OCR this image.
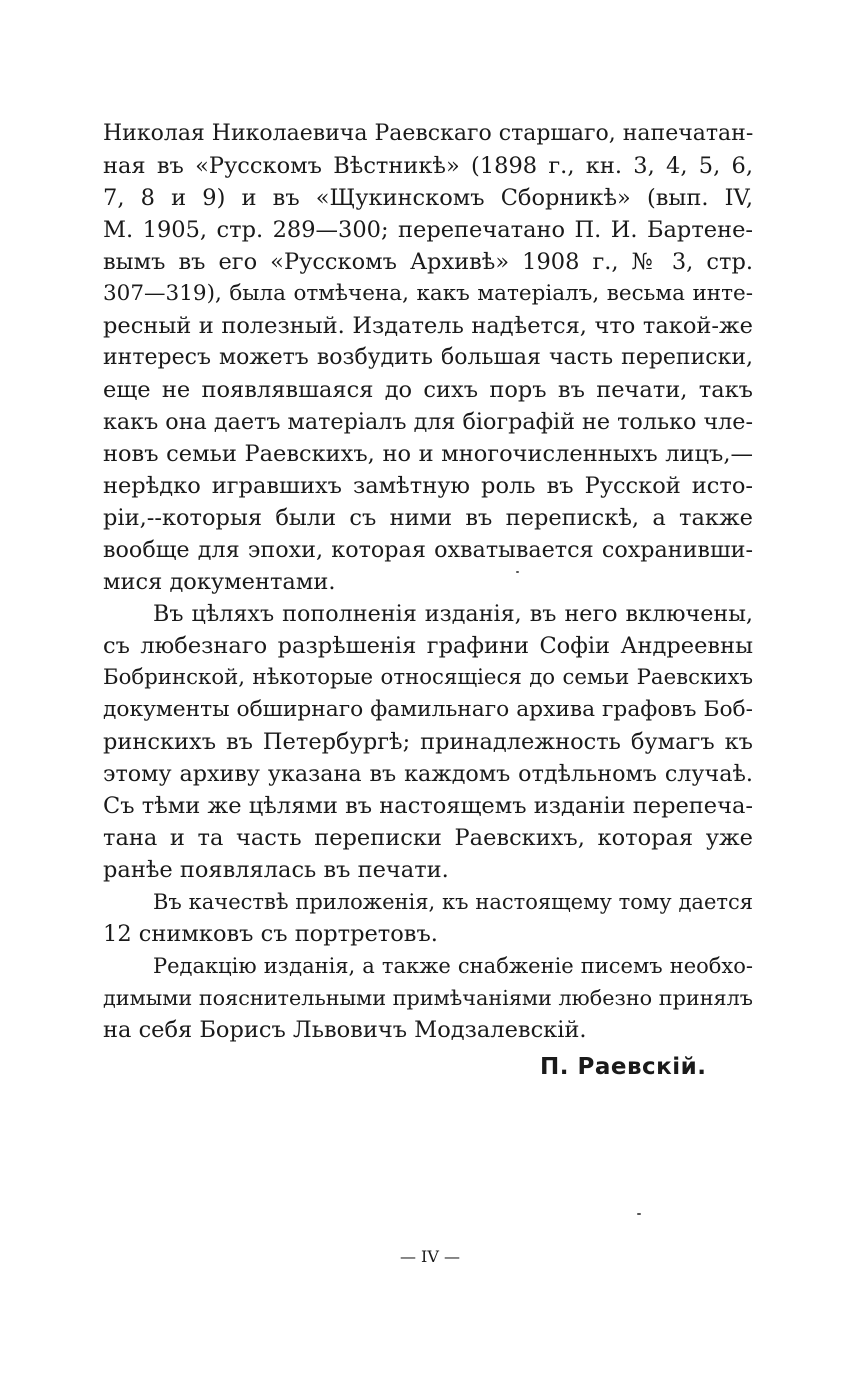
Николая Николаевича Раевскаго старшаго, напечатан-
ная въ «Русскомъ Вѣстникѣ» (1898 г., кн. 3, 4, 5, 6,
7, 8 и 9) и въ «Щукинскомъ Сборникѣ» (вып. IV,
М. 1905, стр. 289—300; перепечатано П. И. Бартене-
вымъ въ его «Русскомъ Архивѣ» 1908 г., № 3, стр.
307—319), была отмѣчена, какъ матеріалъ, весьма инте-
ресный и полезный. Издатель надѣется, что такой-же
интересъ можетъ возбудить большая часть переписки,
еще не появлявшаяся до сихъ поръ въ печати, такъ
какъ она даетъ матеріалъ для біографій не только чле-
новъ семьи Раевскихъ, но и многочисленныхъ лицъ,—
нерѣдко игравшихъ замѣтную роль въ Русской исто-
ріи,--которыя были съ ними въ перепискѣ, а также
вообще для эпохи, которая охватывается сохранивши-
мися документами.
Въ цѣляхъ пополненія изданія, въ него включены,
съ любезнаго разрѣшенія графини Софіи Андреевны
Бобринской, нѣкоторые относящіеся до семьи Раевскихъ
документы обширнаго фамильнаго архива графовъ Боб-
ринскихъ въ Петербургѣ; принадлежность бумагъ къ
этому архиву указана въ каждомъ отдѣльномъ случаѣ.
Съ тѣми же цѣлями въ настоящемъ изданіи перепеча-
тана и та часть переписки Раевскихъ, которая уже
ранѣе появлялась въ печати.
Въ качествѣ приложенія, къ настоящему тому дается
12 снимковъ съ портретовъ.
Редакцію изданія, а также снабженіе писемъ необхо-
димыми пояснительными примѣчаніями любезно принялъ
на себя Борисъ Львовичъ Модзалевскій.
П. Раевскій.
— IV —
